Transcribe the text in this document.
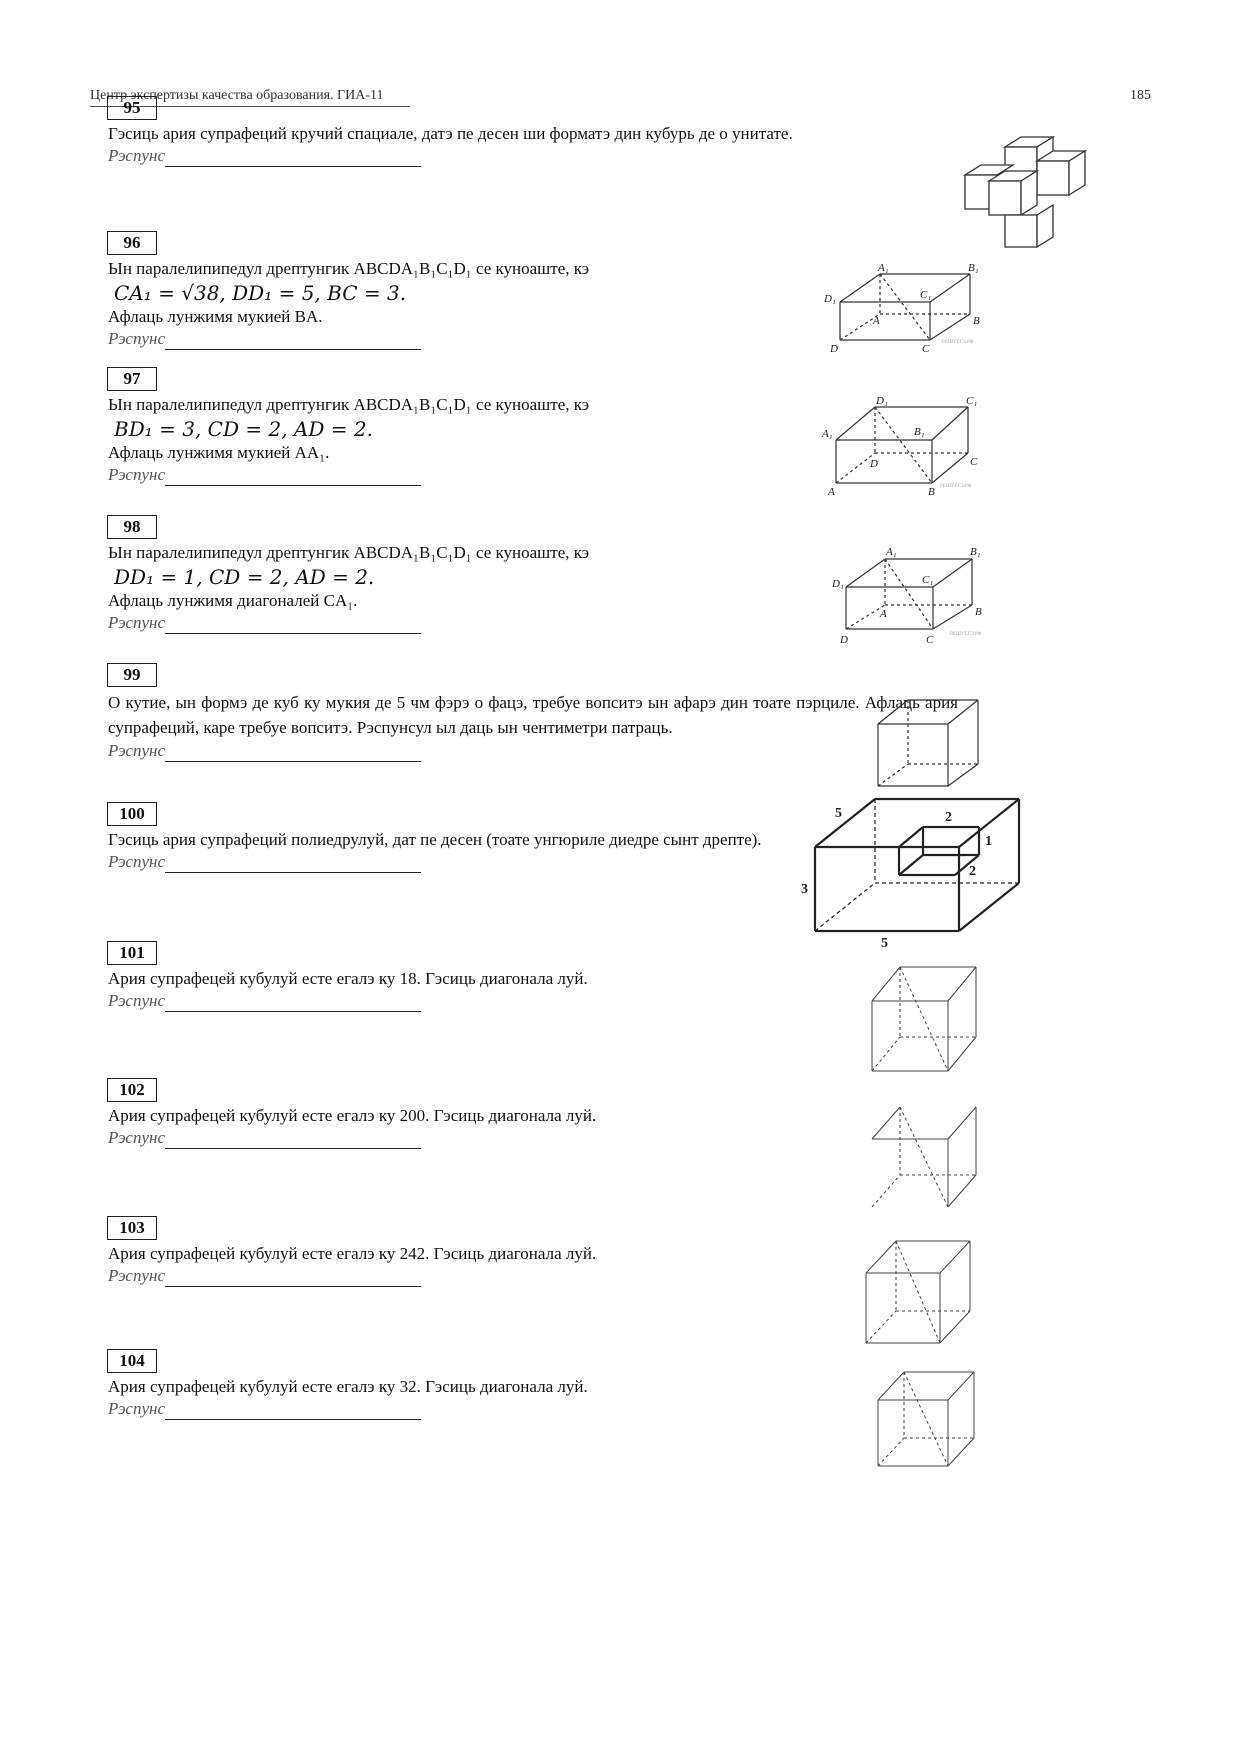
Центр экспертизы качества образования. ГИА-11	185
95
Гэсиць ария супрафеций кручий спациале, датэ пе десен ши форматэ дин кубурь де о унитате.
Рэспунс
96
Ын паралелипипедул дрептунгик ABCDA₁B₁C₁D₁ се куноаште, кэ
CA₁ = √38, DD₁ = 5, BC = 3.
Афлаць лунжимя мукией BA.
Рэспунс
97
Ын паралелипипедул дрептунгик ABCDA₁B₁C₁D₁ се куноаште, кэ
BD₁ = 3, CD = 2, AD = 2.
Афлаць лунжимя мукией AA₁.
Рэспунс
98
Ын паралелипипедул дрептунгик ABCDA₁B₁C₁D₁ се куноаште, кэ
DD₁ = 1, CD = 2, AD = 2.
Афлаць лунжимя диагоналей CA₁.
Рэспунс
99
О кутие, ын формэ де куб ку мукия де 5 чм фэрэ о фацэ, требуе вопситэ ын афарэ дин тоате пэрциле. Афлаць ария супрафеций, каре требуе вопситэ. Рэспунсул ыл даць ын чентиметри патраць.
Рэспунс
100
Гэсиць ария супрафеций полиедрулуй, дат пе десен (тоате унгюриле диедре сынт дрепте).
Рэспунс
101
Ария супрафецей кубулуй есте егалэ ку 18. Гэсиць диагонала луй.
Рэспунс
102
Ария супрафецей кубулуй есте егалэ ку 200. Гэсиць диагонала луй.
Рэспунс
103
Ария супрафецей кубулуй есте егалэ ку 242. Гэсиць диагонала луй.
Рэспунс
104
Ария супрафецей кубулуй есте егалэ ку 32. Гэсиць диагонала луй.
Рэспунс
A₁	B₁
C₁
D₁
A	B
C
D
РЕШУЕГЭ.РФ
D₁	C₁
B₁
A₁
D	C
B
A	РЕШУЕГЭ.РФ
A₁	B₁
C₁
D₁
A	B
C
D	РЕШУЕГЭ.РФ
5	2
1
2
3
5
